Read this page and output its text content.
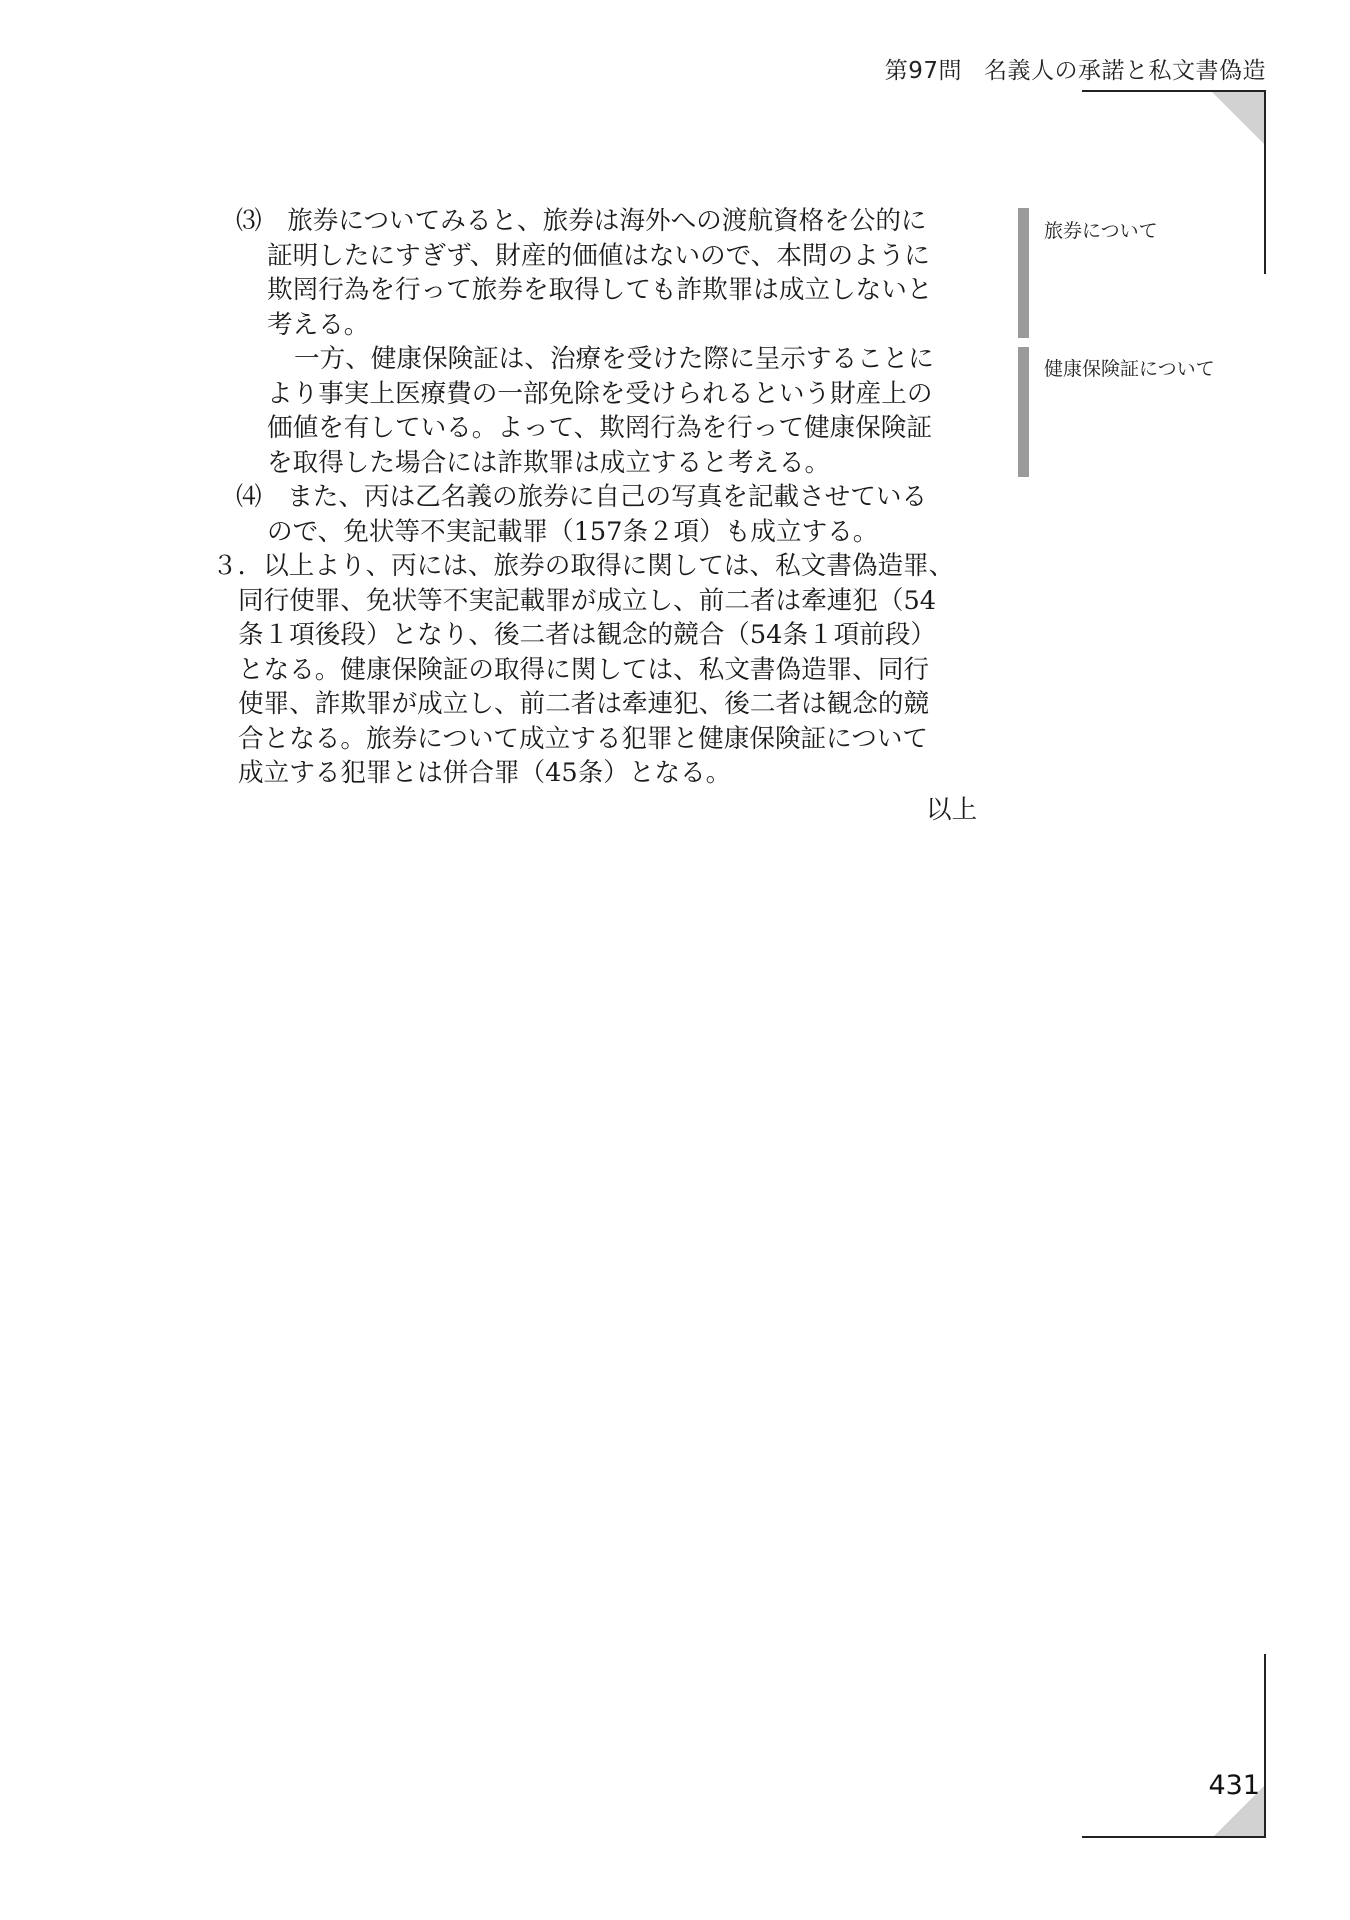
第97問 名義人の承諾と私文書偽造
431
旅券について
健康保険証について
⑶　旅券についてみると、旅券は海外への渡航資格を公的に
証明したにすぎず、財産的価値はないので、本問のように
欺罔行為を行って旅券を取得しても詐欺罪は成立しないと
考える。
一方、健康保険証は、治療を受けた際に呈示することに
より事実上医療費の一部免除を受けられるという財産上の
価値を有している。よって、欺罔行為を行って健康保険証
を取得した場合には詐欺罪は成立すると考える。
⑷　また、丙は乙名義の旅券に自己の写真を記載させている
ので、免状等不実記載罪（157条２項）も成立する。
３．以上より、丙には、旅券の取得に関しては、私文書偽造罪、
同行使罪、免状等不実記載罪が成立し、前二者は牽連犯（54
条１項後段）となり、後二者は観念的競合（54条１項前段）
となる。健康保険証の取得に関しては、私文書偽造罪、同行
使罪、詐欺罪が成立し、前二者は牽連犯、後二者は観念的競
合となる。旅券について成立する犯罪と健康保険証について
成立する犯罪とは併合罪（45条）となる。
以上
